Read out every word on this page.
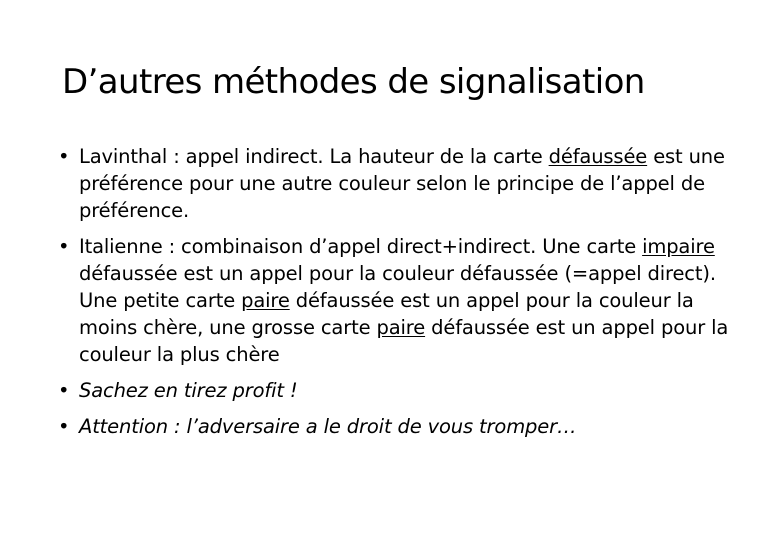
D’autres méthodes de signalisation
• Lavinthal : appel indirect. La hauteur de la carte défaussée est une préférence pour une autre couleur selon le principe de l’appel de préférence.
• Italienne : combinaison d’appel direct+indirect. Une carte impaire défaussée est un appel pour la couleur défaussée (=appel direct). Une petite carte paire défaussée est un appel pour la couleur la moins chère, une grosse carte paire défaussée est un appel pour la couleur la plus chère
• Sachez en tirez profit !
• Attention : l’adversaire a le droit de vous tromper…
